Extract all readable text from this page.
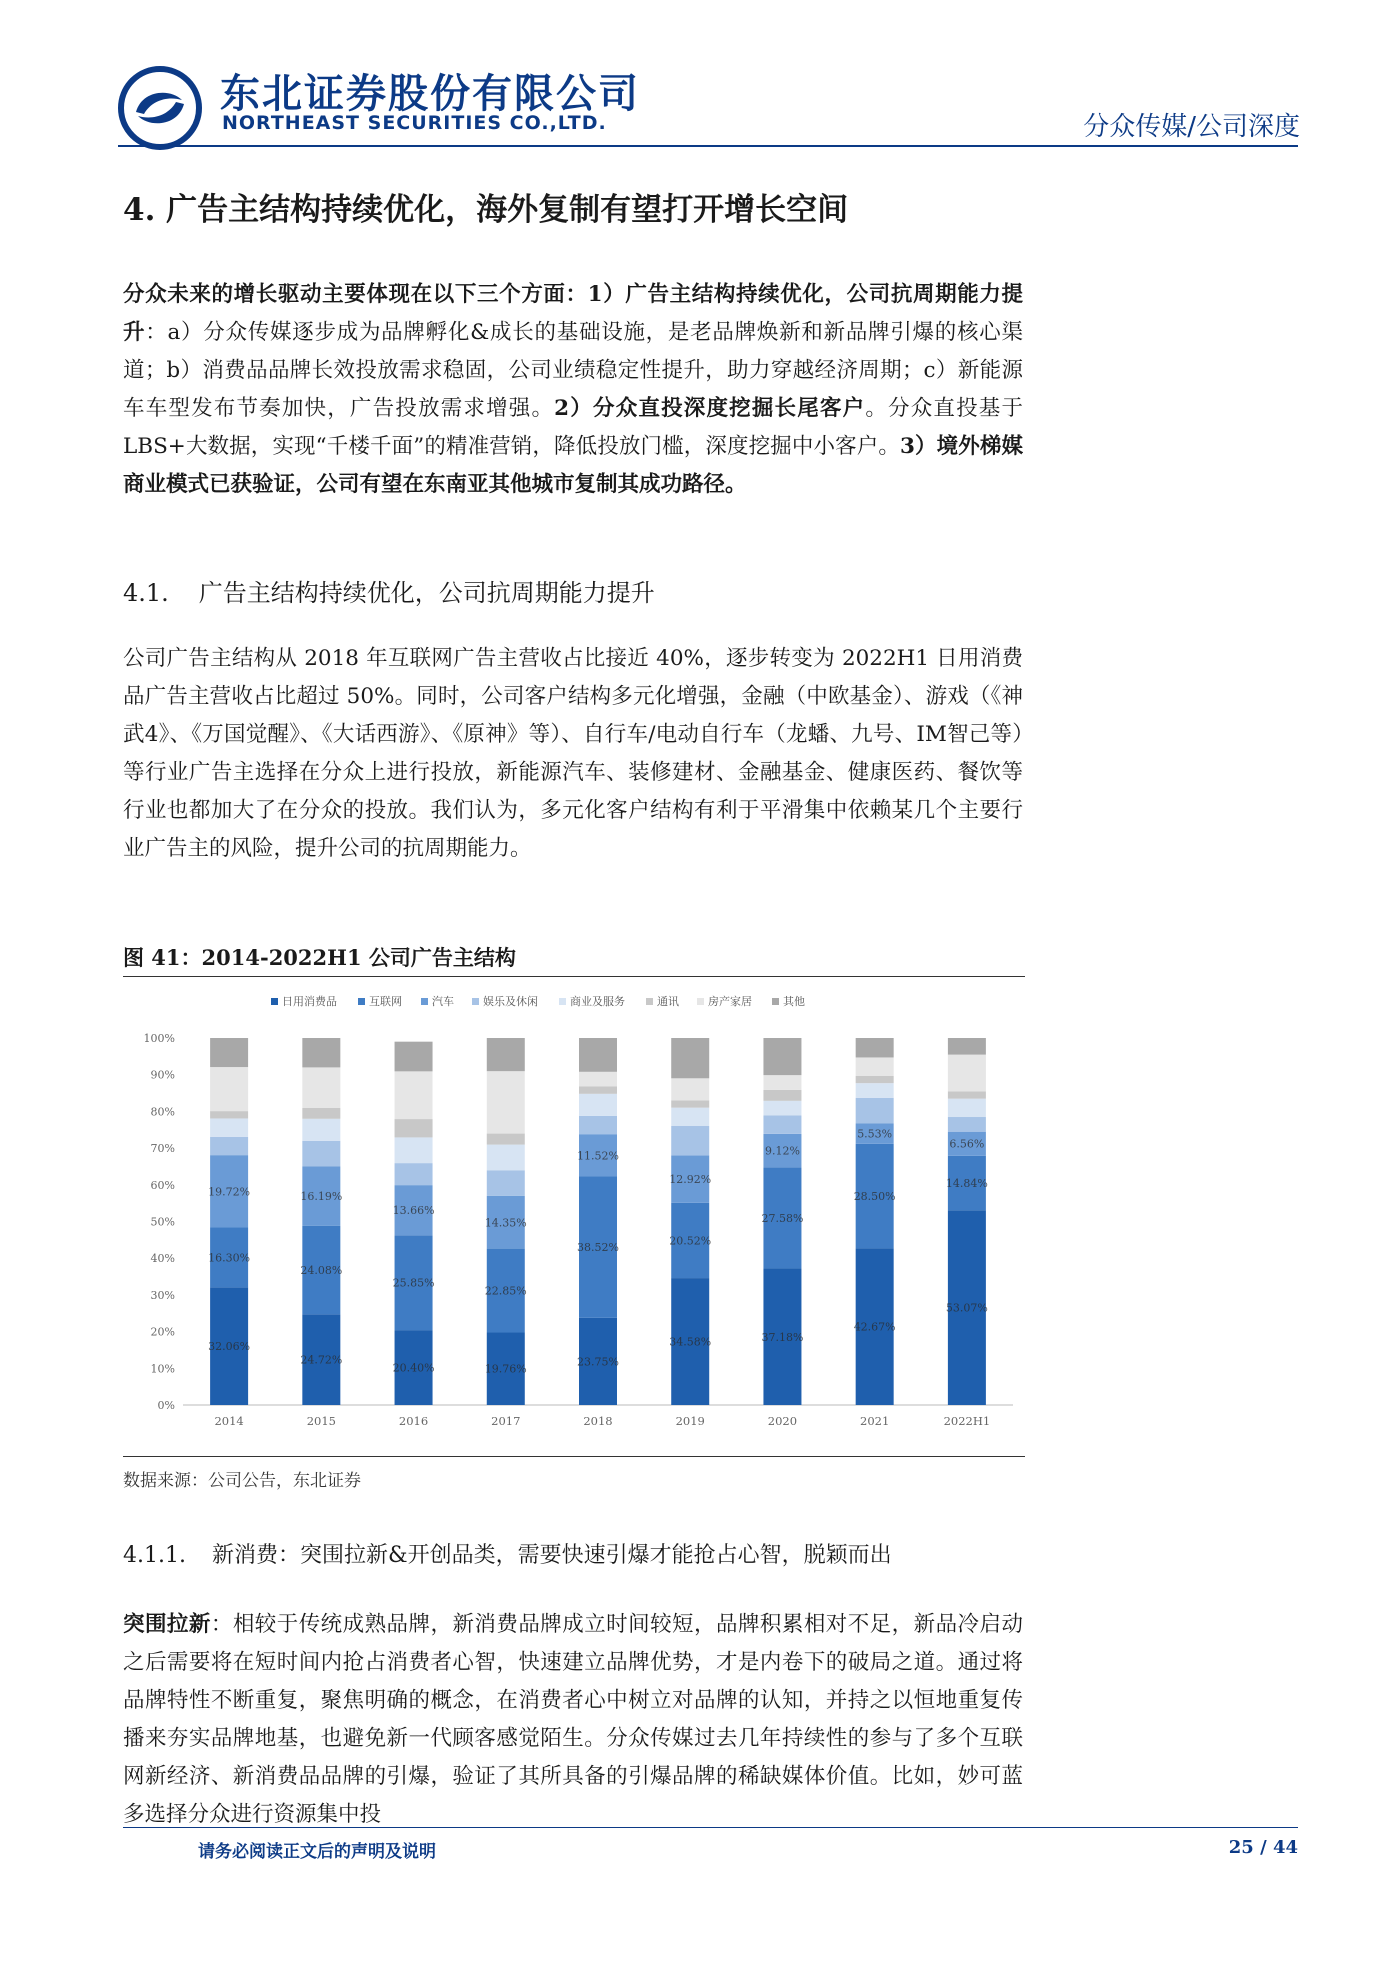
东北证券股份有限公司
NORTHEAST SECURITIES CO.,LTD.	分众传媒/公司深度
4. 广告主结构持续优化，海外复制有望打开增长空间
分众未来的增长驱动主要体现在以下三个方面：1）广告主结构持续优化，公司抗周期能力提升：a）分众传媒逐步成为品牌孵化&成长的基础设施，是老品牌焕新和新品牌引爆的核心渠道；b）消费品品牌长效投放需求稳固，公司业绩稳定性提升，助力穿越经济周期；c）新能源车车型发布节奏加快，广告投放需求增强。2）分众直投深度挖掘长尾客户。分众直投基于LBS+大数据，实现“千楼千面”的精准营销，降低投放门槛，深度挖掘中小客户。3）境外梯媒商业模式已获验证，公司有望在东南亚其他城市复制其成功路径。
4.1. 广告主结构持续优化，公司抗周期能力提升
公司广告主结构从 2018 年互联网广告主营收占比接近 40%，逐步转变为 2022H1 日用消费品广告主营收占比超过 50%。同时，公司客户结构多元化增强，金融（中欧基金）、游戏（《神武4》、《万国觉醒》、《大话西游》、《原神》等）、自行车/电动自行车（龙蟠、九号、IM智己等）等行业广告主选择在分众上进行投放，新能源汽车、装修建材、金融基金、健康医药、餐饮等行业也都加大了在分众的投放。我们认为，多元化客户结构有利于平滑集中依赖某几个主要行业广告主的风险，提升公司的抗周期能力。
图 41：2014-2022H1 公司广告主结构
日用消费品	互联网	汽车	娱乐及休闲	商业及服务	通讯	房产家居	其他
0%
10%
20%
30%
40%
50%
60%
70%
80%
90%
100%
32.06%
16.30%
19.72%
2014
24.72%
24.08%
16.19%
2015
20.40%
25.85%
13.66%
2016
19.76%
22.85%
14.35%
2017
23.75%
38.52%
11.52%
2018
34.58%
20.52%
12.92%
2019
37.18%
27.58%
9.12%
2020
42.67%
28.50%
5.53%
2021
53.07%
14.84%
6.56%
2022H1
数据来源：公司公告，东北证券
4.1.1. 新消费：突围拉新&开创品类，需要快速引爆才能抢占心智，脱颖而出
突围拉新：相较于传统成熟品牌，新消费品牌成立时间较短，品牌积累相对不足，新品冷启动之后需要将在短时间内抢占消费者心智，快速建立品牌优势，才是内卷下的破局之道。通过将品牌特性不断重复，聚焦明确的概念，在消费者心中树立对品牌的认知，并持之以恒地重复传播来夯实品牌地基，也避免新一代顾客感觉陌生。分众传媒过去几年持续性的参与了多个互联网新经济、新消费品品牌的引爆，验证了其所具备的引爆品牌的稀缺媒体价值。比如，妙可蓝多选择分众进行资源集中投
请务必阅读正文后的声明及说明	25 / 44
